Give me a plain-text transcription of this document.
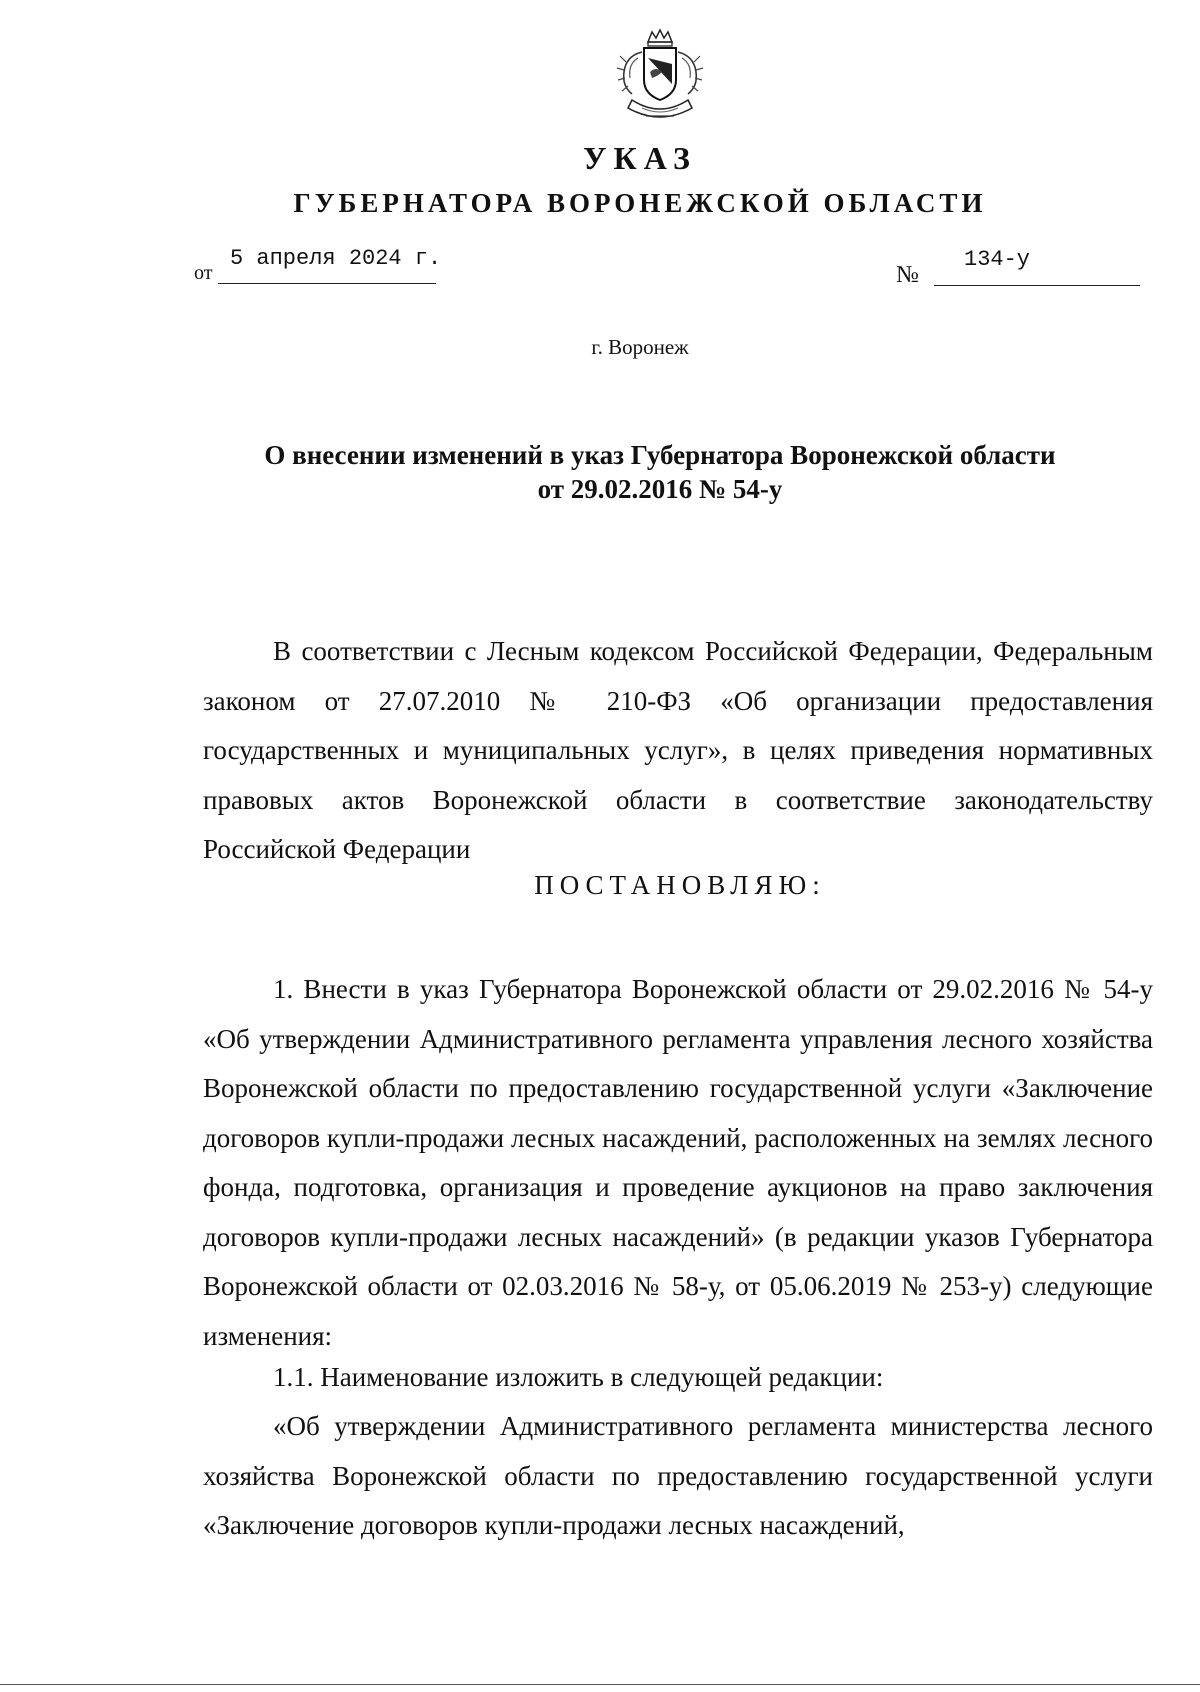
УКАЗ
ГУБЕРНАТОРА ВОРОНЕЖСКОЙ ОБЛАСТИ
от
5 апреля 2024 г.
№
134-у
г. Воронеж
О внесении изменений в указ Губернатора Воронежской области
от 29.02.2016 № 54-у

В соответствии с Лесным кодексом Российской Федерации, Федеральным законом от 27.07.2010 № 210-ФЗ «Об организации предоставления государственных и муниципальных услуг», в целях приведения нормативных правовых актов Воронежской области в соответствие законодательству Российской Федерации

ПОСТАНОВЛЯЮ:

1. Внести в указ Губернатора Воронежской области от 29.02.2016 № 54-у «Об утверждении Административного регламента управления лесного хозяйства Воронежской области по предоставлению государственной услуги «Заключение договоров купли-продажи лесных насаждений, расположенных на землях лесного фонда, подготовка, организация и проведение аукционов на право заключения договоров купли-продажи лесных насаждений» (в редакции указов Губернатора Воронежской области от 02.03.2016 № 58-у, от 05.06.2019 № 253-у) следующие изменения:

1.1. Наименование изложить в следующей редакции:

«Об утверждении Административного регламента министерства лесного хозяйства Воронежской области по предоставлению государственной услуги «Заключение договоров купли-продажи лесных насаждений,
